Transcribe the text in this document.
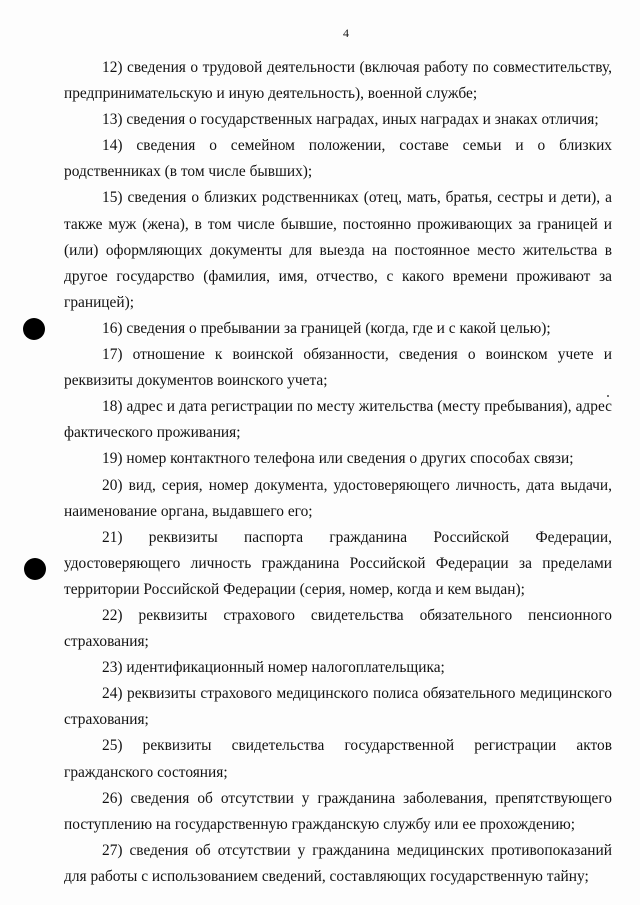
4

12) сведения о трудовой деятельности (включая работу по совместительству, предпринимательскую и иную деятельность), военной службе;

13) сведения о государственных наградах, иных наградах и знаках отличия;

14) сведения о семейном положении, составе семьи и о близких родственниках (в том числе бывших);

15) сведения о близких родственниках (отец, мать, братья, сестры и дети), а также муж (жена), в том числе бывшие, постоянно проживающих за границей и (или) оформляющих документы для выезда на постоянное место жительства в другое государство (фамилия, имя, отчество, с какого времени проживают за границей);

16) сведения о пребывании за границей (когда, где и с какой целью);

17) отношение к воинской обязанности, сведения о воинском учете и реквизиты документов воинского учета;

18) адрес и дата регистрации по месту жительства (месту пребывания), адрес фактического проживания;

19) номер контактного телефона или сведения о других способах связи;

20) вид, серия, номер документа, удостоверяющего личность, дата выдачи, наименование органа, выдавшего его;

21) реквизиты паспорта гражданина Российской Федерации, удостоверяющего личность гражданина Российской Федерации за пределами территории Российской Федерации (серия, номер, когда и кем выдан);

22) реквизиты страхового свидетельства обязательного пенсионного страхования;

23) идентификационный номер налогоплательщика;

24) реквизиты страхового медицинского полиса обязательного медицинского страхования;

25) реквизиты свидетельства государственной регистрации актов гражданского состояния;

26) сведения об отсутствии у гражданина заболевания, препятствующего поступлению на государственную гражданскую службу или ее прохождению;

27) сведения об отсутствии у гражданина медицинских противопоказаний для работы с использованием сведений, составляющих государственную тайну;
